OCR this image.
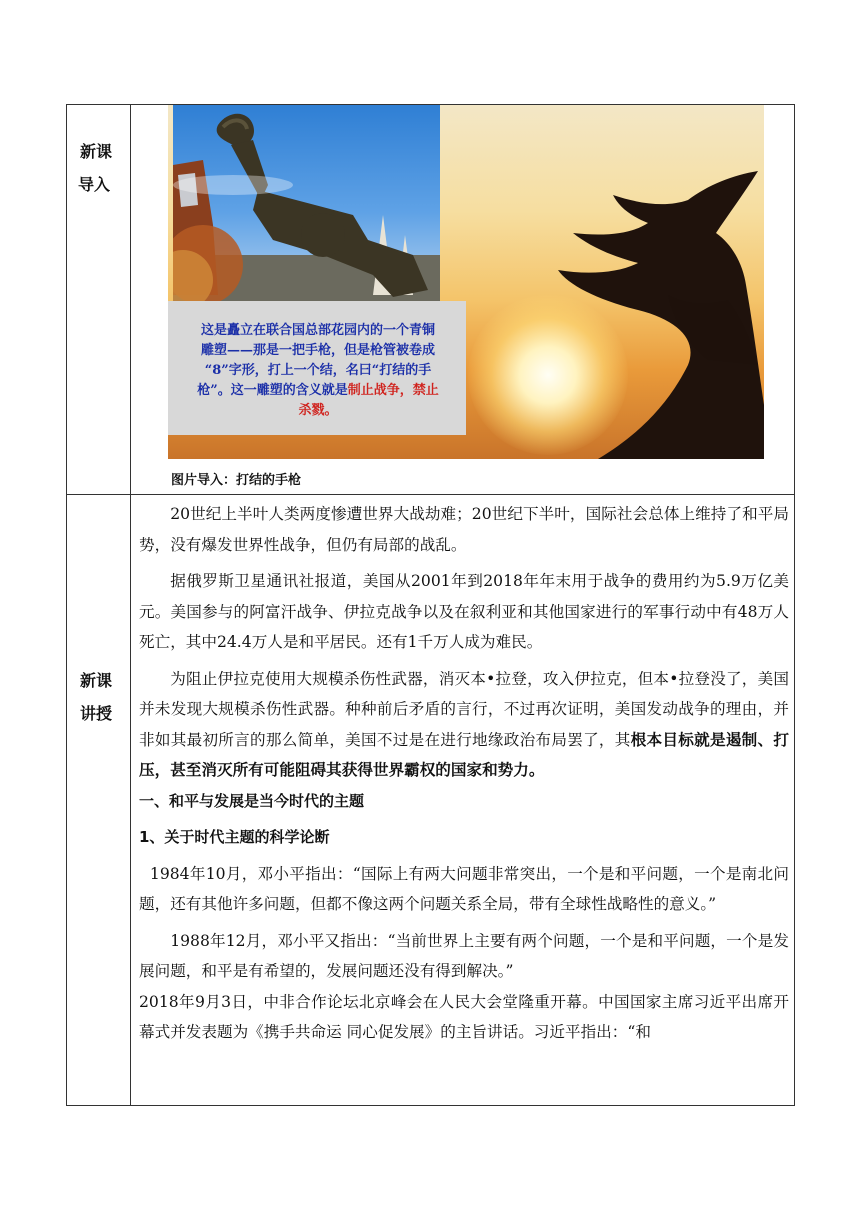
新课
导入
新课
讲授
这是矗立在联合国总部花园内的一个青铜
雕塑——那是一把手枪，但是枪管被卷成
“8”字形，打上一个结，名曰“打结的手
枪”。这一雕塑的含义就是制止战争，禁止
杀戮。
图片导入：打结的手枪

20世纪上半叶人类两度惨遭世界大战劫难；20世纪下半叶，国际社会总体上维持了和平局势，没有爆发世界性战争，但仍有局部的战乱。

据俄罗斯卫星通讯社报道，美国从2001年到2018年年末用于战争的费用约为5.9万亿美元。美国参与的阿富汗战争、伊拉克战争以及在叙利亚和其他国家进行的军事行动中有48万人死亡，其中24.4万人是和平居民。还有1千万人成为难民。

为阻止伊拉克使用大规模杀伤性武器，消灭本•拉登，攻入伊拉克，但本•拉登没了，美国并未发现大规模杀伤性武器。种种前后矛盾的言行，不过再次证明，美国发动战争的理由，并非如其最初所言的那么简单，美国不过是在进行地缘政治布局罢了，其根本目标就是遏制、打压，甚至消灭所有可能阻碍其获得世界霸权的国家和势力。

一、和平与发展是当今时代的主题

1、关于时代主题的科学论断

1984年10月，邓小平指出：“国际上有两大问题非常突出，一个是和平问题，一个是南北问题，还有其他许多问题，但都不像这两个问题关系全局，带有全球性战略性的意义。”

1988年12月，邓小平又指出：“当前世界上主要有两个问题，一个是和平问题，一个是发展问题，和平是有希望的，发展问题还没有得到解决。”

2018年9月3日，中非合作论坛北京峰会在人民大会堂隆重开幕。中国国家主席习近平出席开幕式并发表题为《携手共命运 同心促发展》的主旨讲话。习近平指出：“和
